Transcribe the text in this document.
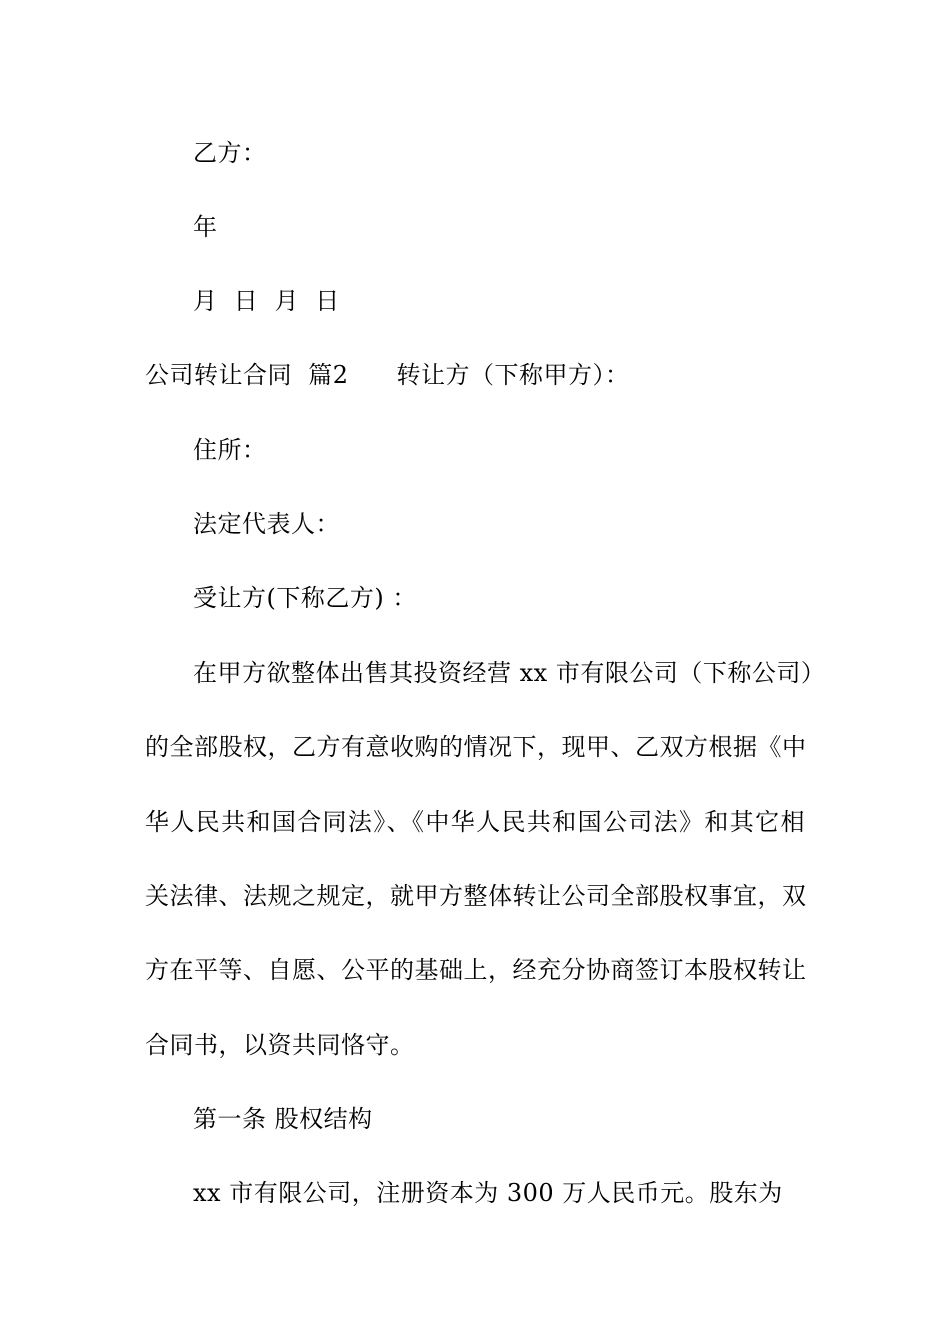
乙方：
年
月  日  月  日
公司转让合同  篇2 转让方（下称甲方）：
住所：
法定代表人：
受让方(下称乙方) ：
在甲方欲整体出售其投资经营 xx 市有限公司（下称公司）
的全部股权，乙方有意收购的情况下，现甲、乙双方根据《中
华人民共和国合同法》、《中华人民共和国公司法》和其它相
关法律、法规之规定，就甲方整体转让公司全部股权事宜，双
方在平等、自愿、公平的基础上，经充分协商签订本股权转让
合同书，以资共同恪守。
第一条 股权结构
xx 市有限公司，注册资本为 300 万人民币元。股东为
